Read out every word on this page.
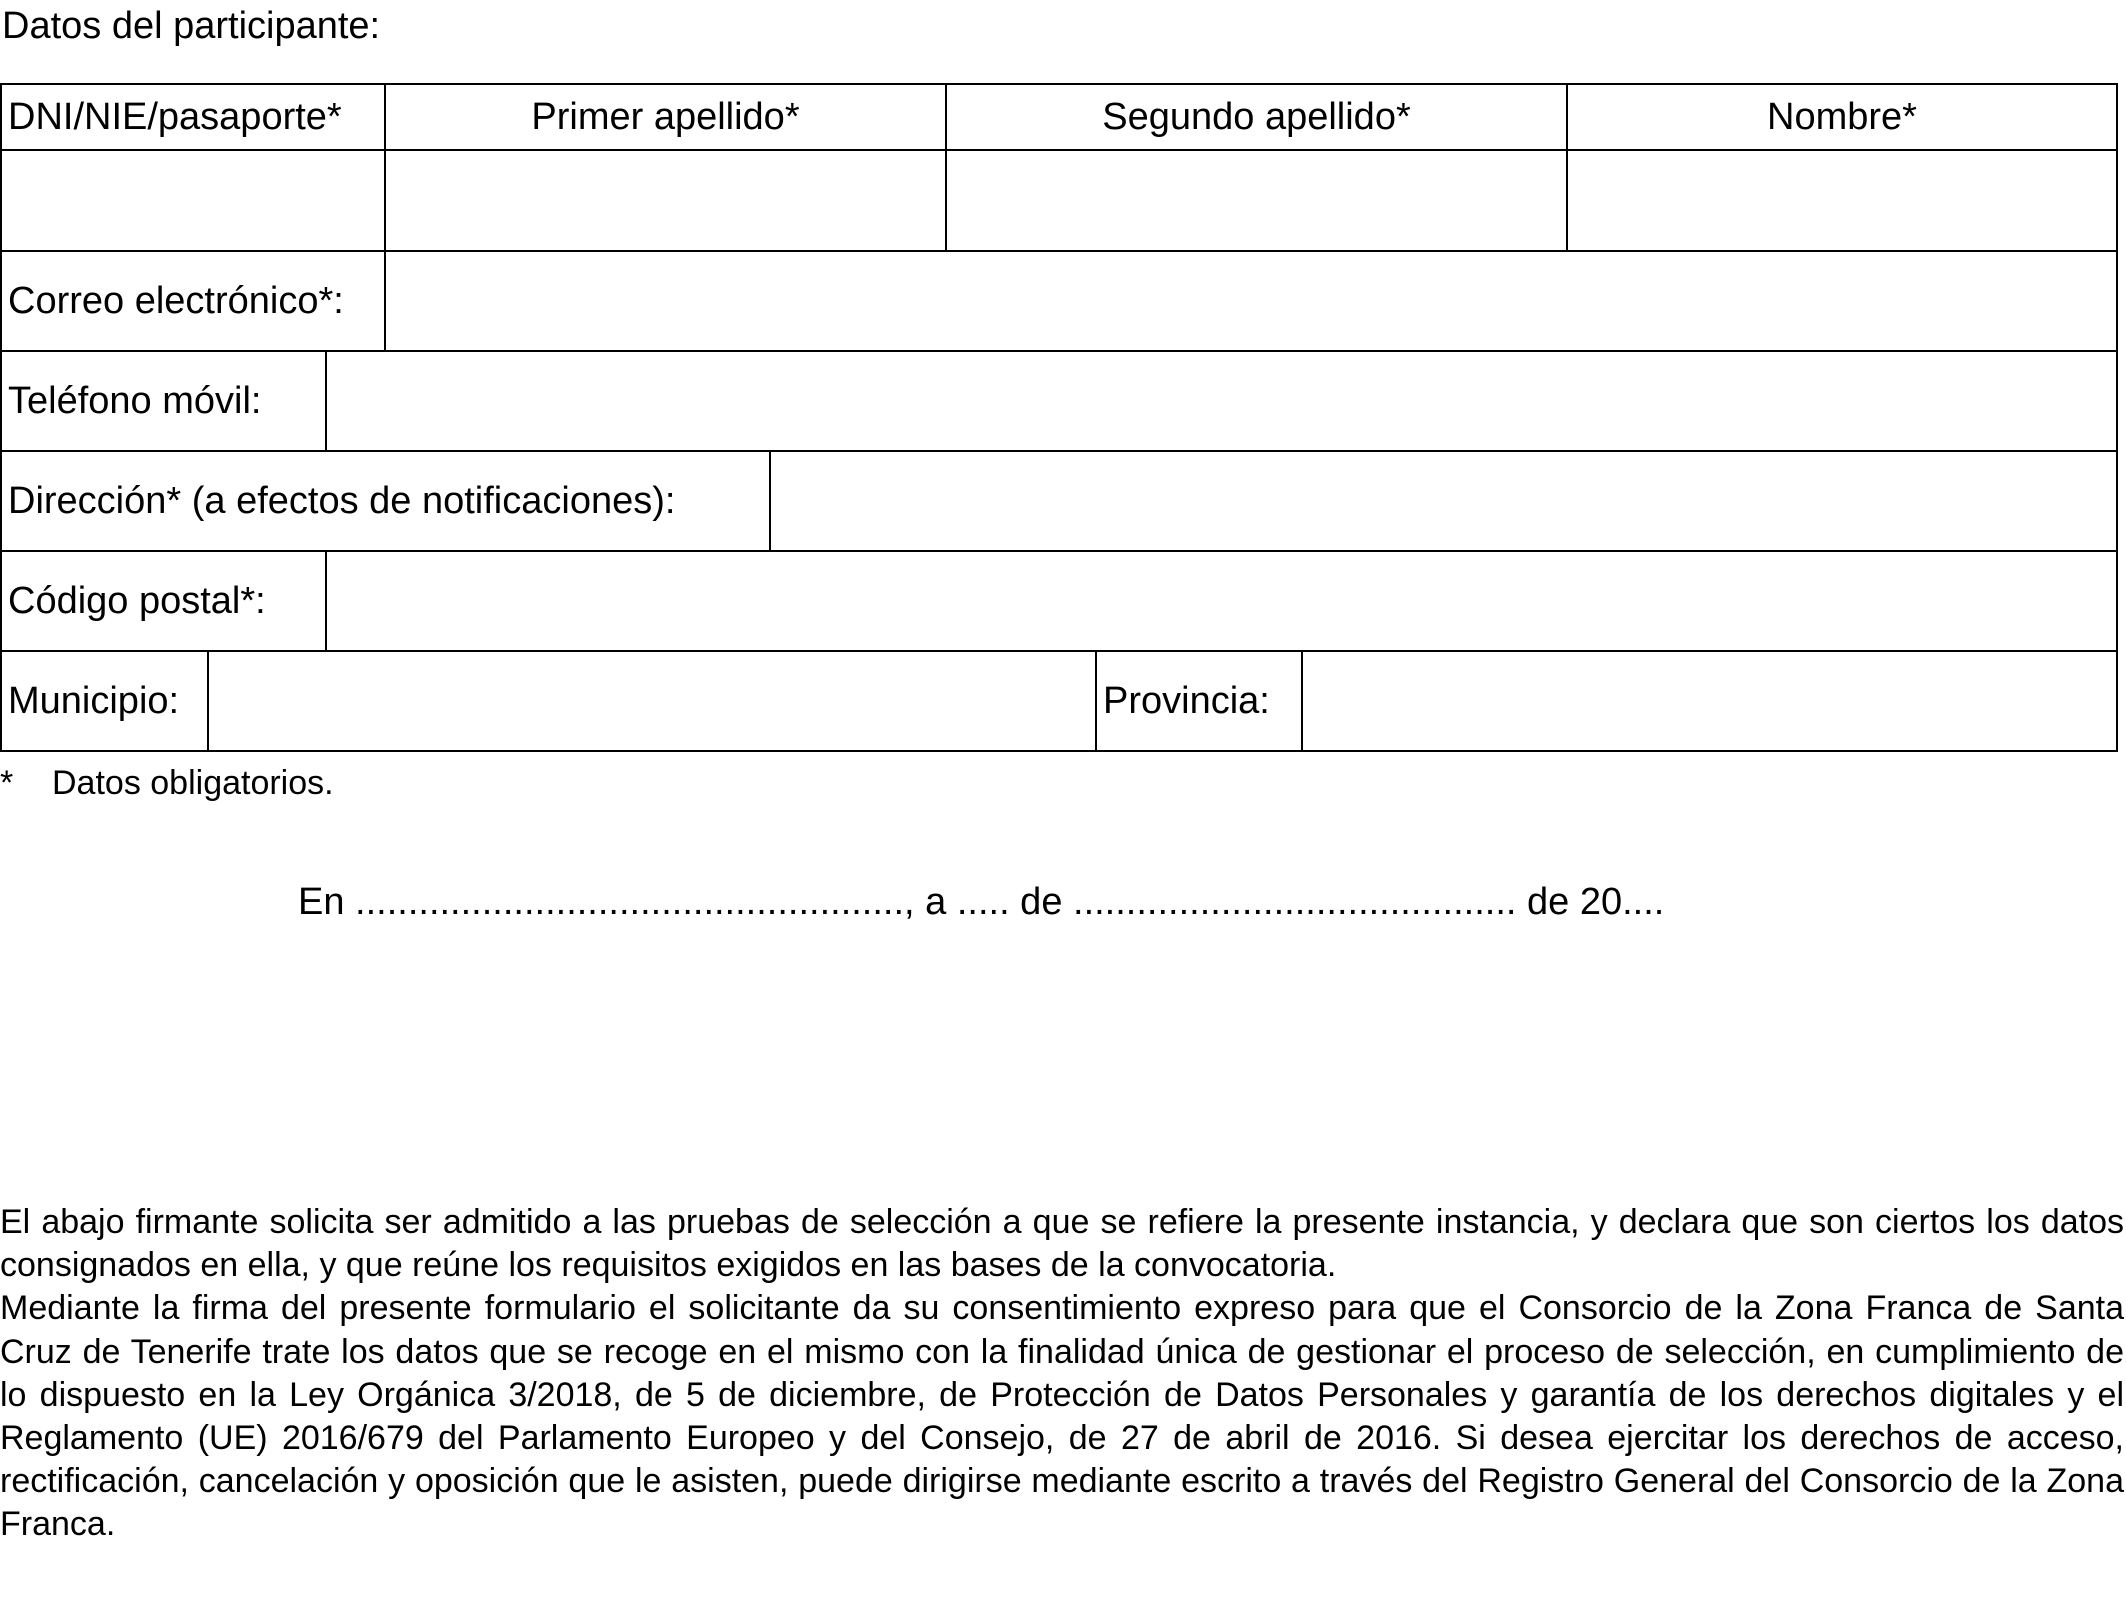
Datos del participante:
DNI/NIE/pasaporte*	Primer apellido*	Segundo apellido*	Nombre*
Correo electrónico*:
Teléfono móvil:
Dirección* (a efectos de notificaciones):
Código postal*:
Municipio:	Provincia:
* Datos obligatorios.
En ...................................................., a ..... de .......................................... de 20....

El abajo firmante solicita ser admitido a las pruebas de selección a que se refiere la presente instancia, y declara que son ciertos los datos consignados en ella, y que reúne los requisitos exigidos en las bases de la convocatoria.

Mediante la firma del presente formulario el solicitante da su consentimiento expreso para que el Consorcio de la Zona Franca de Santa Cruz de Tenerife trate los datos que se recoge en el mismo con la finalidad única de gestionar el proceso de selección, en cumplimiento de lo dispuesto en la Ley Orgánica 3/2018, de 5 de diciembre, de Protección de Datos Personales y garantía de los derechos digitales y el Reglamento (UE) 2016/679 del Parlamento Europeo y del Consejo, de 27 de abril de 2016. Si desea ejercitar los derechos de acceso, rectificación, cancelación y oposición que le asisten, puede dirigirse mediante escrito a través del Registro General del Consorcio de la Zona Franca.
